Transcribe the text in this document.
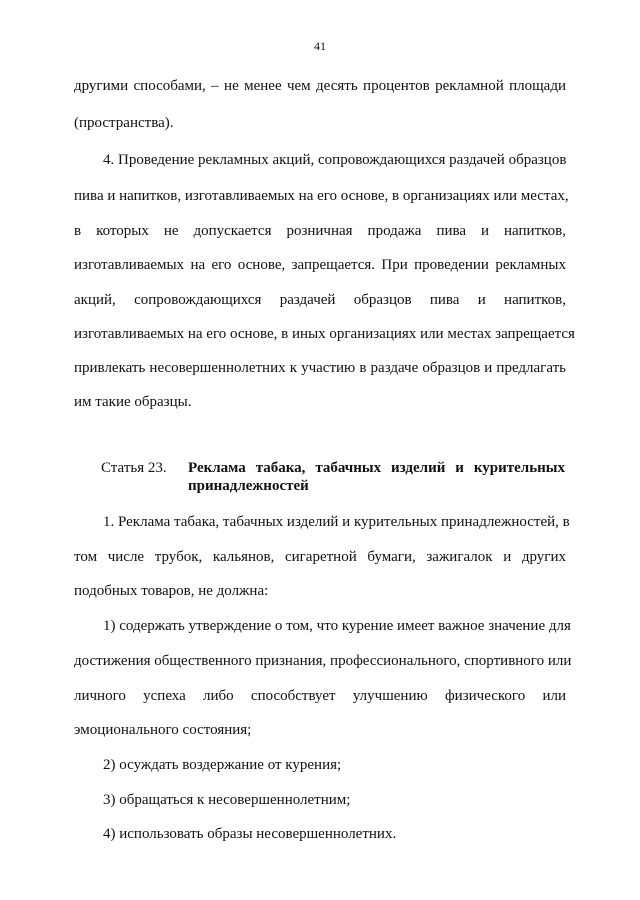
41
другими способами, – не менее чем десять процентов рекламной площади
(пространства).
4. Проведение рекламных акций, сопровождающихся раздачей образцов
пива и напитков, изготавливаемых на его основе, в организациях или местах,
в которых не допускается розничная продажа пива и напитков,
изготавливаемых на его основе, запрещается. При проведении рекламных
акций, сопровождающихся раздачей образцов пива и напитков,
изготавливаемых на его основе, в иных организациях или местах запрещается
привлекать несовершеннолетних к участию в раздаче образцов и предлагать
им такие образцы.
Статья 23. Реклама табака, табачных изделий и курительных
принадлежностей
1. Реклама табака, табачных изделий и курительных принадлежностей, в
том числе трубок, кальянов, сигаретной бумаги, зажигалок и других
подобных товаров, не должна:
1) содержать утверждение о том, что курение имеет важное значение для
достижения общественного признания, профессионального, спортивного или
личного успеха либо способствует улучшению физического или
эмоционального состояния;
2) осуждать воздержание от курения;
3) обращаться к несовершеннолетним;
4) использовать образы несовершеннолетних.
